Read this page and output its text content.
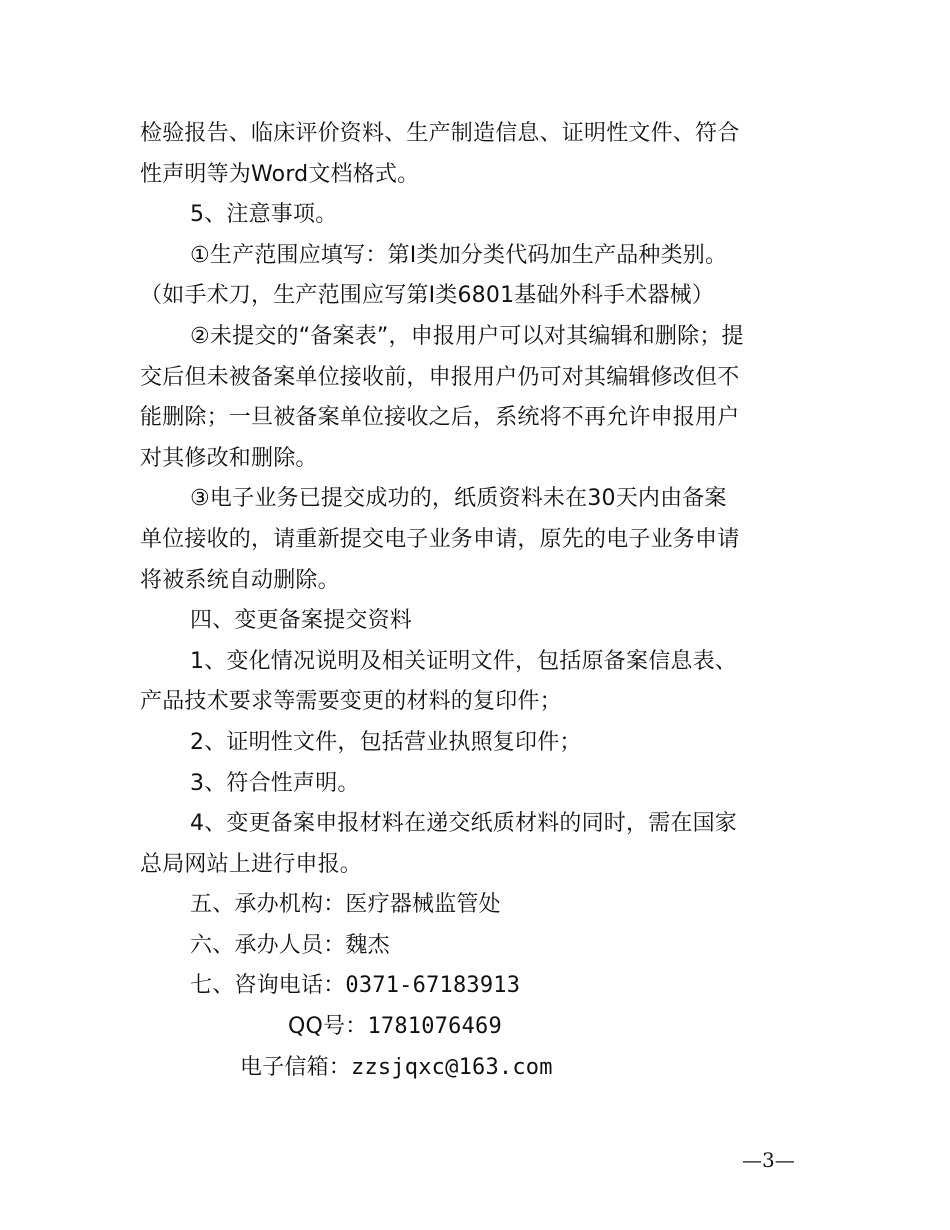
检验报告、临床评价资料、生产制造信息、证明性文件、符合
性声明等为Word文档格式。
5、注意事项。
①生产范围应填写：第Ⅰ类加分类代码加生产品种类别。
（如手术刀，生产范围应写第Ⅰ类6801基础外科手术器械）
②未提交的“备案表”，申报用户可以对其编辑和删除；提
交后但未被备案单位接收前，申报用户仍可对其编辑修改但不
能删除；一旦被备案单位接收之后，系统将不再允许申报用户
对其修改和删除。
③电子业务已提交成功的，纸质资料未在30天内由备案
单位接收的，请重新提交电子业务申请，原先的电子业务申请
将被系统自动删除。
四、变更备案提交资料
1、变化情况说明及相关证明文件，包括原备案信息表、
产品技术要求等需要变更的材料的复印件；
2、证明性文件，包括营业执照复印件；
3、符合性声明。
4、变更备案申报材料在递交纸质材料的同时，需在国家
总局网站上进行申报。
五、承办机构：医疗器械监管处
六、承办人员：魏杰
七、咨询电话：0371-67183913
QQ号：1781076469
电子信箱：zzsjqxc@163.com
—3—
